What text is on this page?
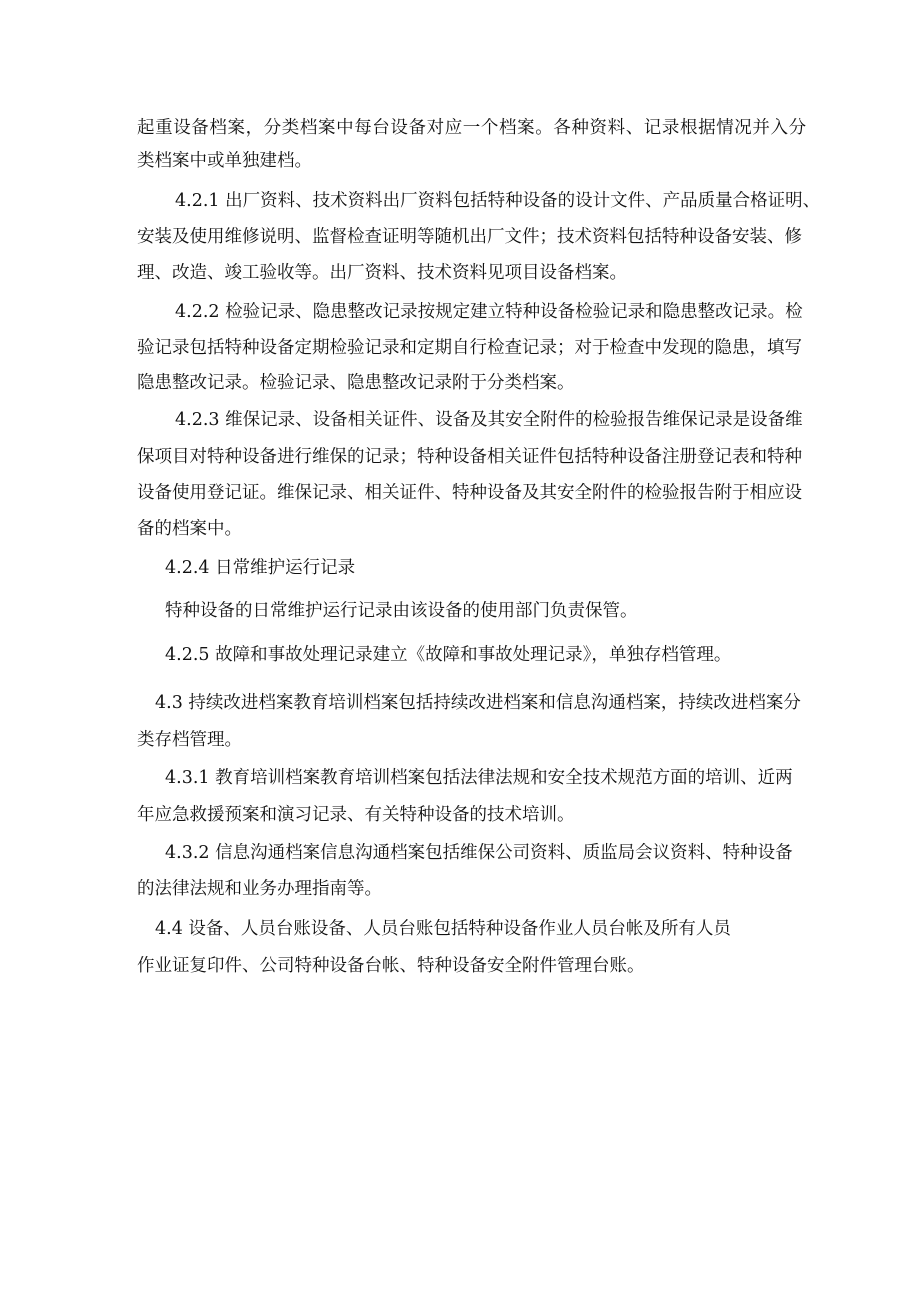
起重设备档案，分类档案中每台设备对应一个档案。各种资料、记录根据情况并入分
类档案中或单独建档。
4.2.1 出厂资料、技术资料出厂资料包括特种设备的设计文件、产品质量合格证明、
安装及使用维修说明、监督检查证明等随机出厂文件；技术资料包括特种设备安装、修
理、改造、竣工验收等。出厂资料、技术资料见项目设备档案。
4.2.2 检验记录、隐患整改记录按规定建立特种设备检验记录和隐患整改记录。检
验记录包括特种设备定期检验记录和定期自行检查记录；对于检查中发现的隐患，填写
隐患整改记录。检验记录、隐患整改记录附于分类档案。
4.2.3 维保记录、设备相关证件、设备及其安全附件的检验报告维保记录是设备维
保项目对特种设备进行维保的记录；特种设备相关证件包括特种设备注册登记表和特种
设备使用登记证。维保记录、相关证件、特种设备及其安全附件的检验报告附于相应设
备的档案中。
4.2.4 日常维护运行记录
特种设备的日常维护运行记录由该设备的使用部门负责保管。
4.2.5 故障和事故处理记录建立《故障和事故处理记录》，单独存档管理。
4.3 持续改进档案教育培训档案包括持续改进档案和信息沟通档案，持续改进档案分
类存档管理。
4.3.1 教育培训档案教育培训档案包括法律法规和安全技术规范方面的培训、近两
年应急救援预案和演习记录、有关特种设备的技术培训。
4.3.2 信息沟通档案信息沟通档案包括维保公司资料、质监局会议资料、特种设备
的法律法规和业务办理指南等。
4.4 设备、人员台账设备、人员台账包括特种设备作业人员台帐及所有人员
作业证复印件、公司特种设备台帐、特种设备安全附件管理台账。
